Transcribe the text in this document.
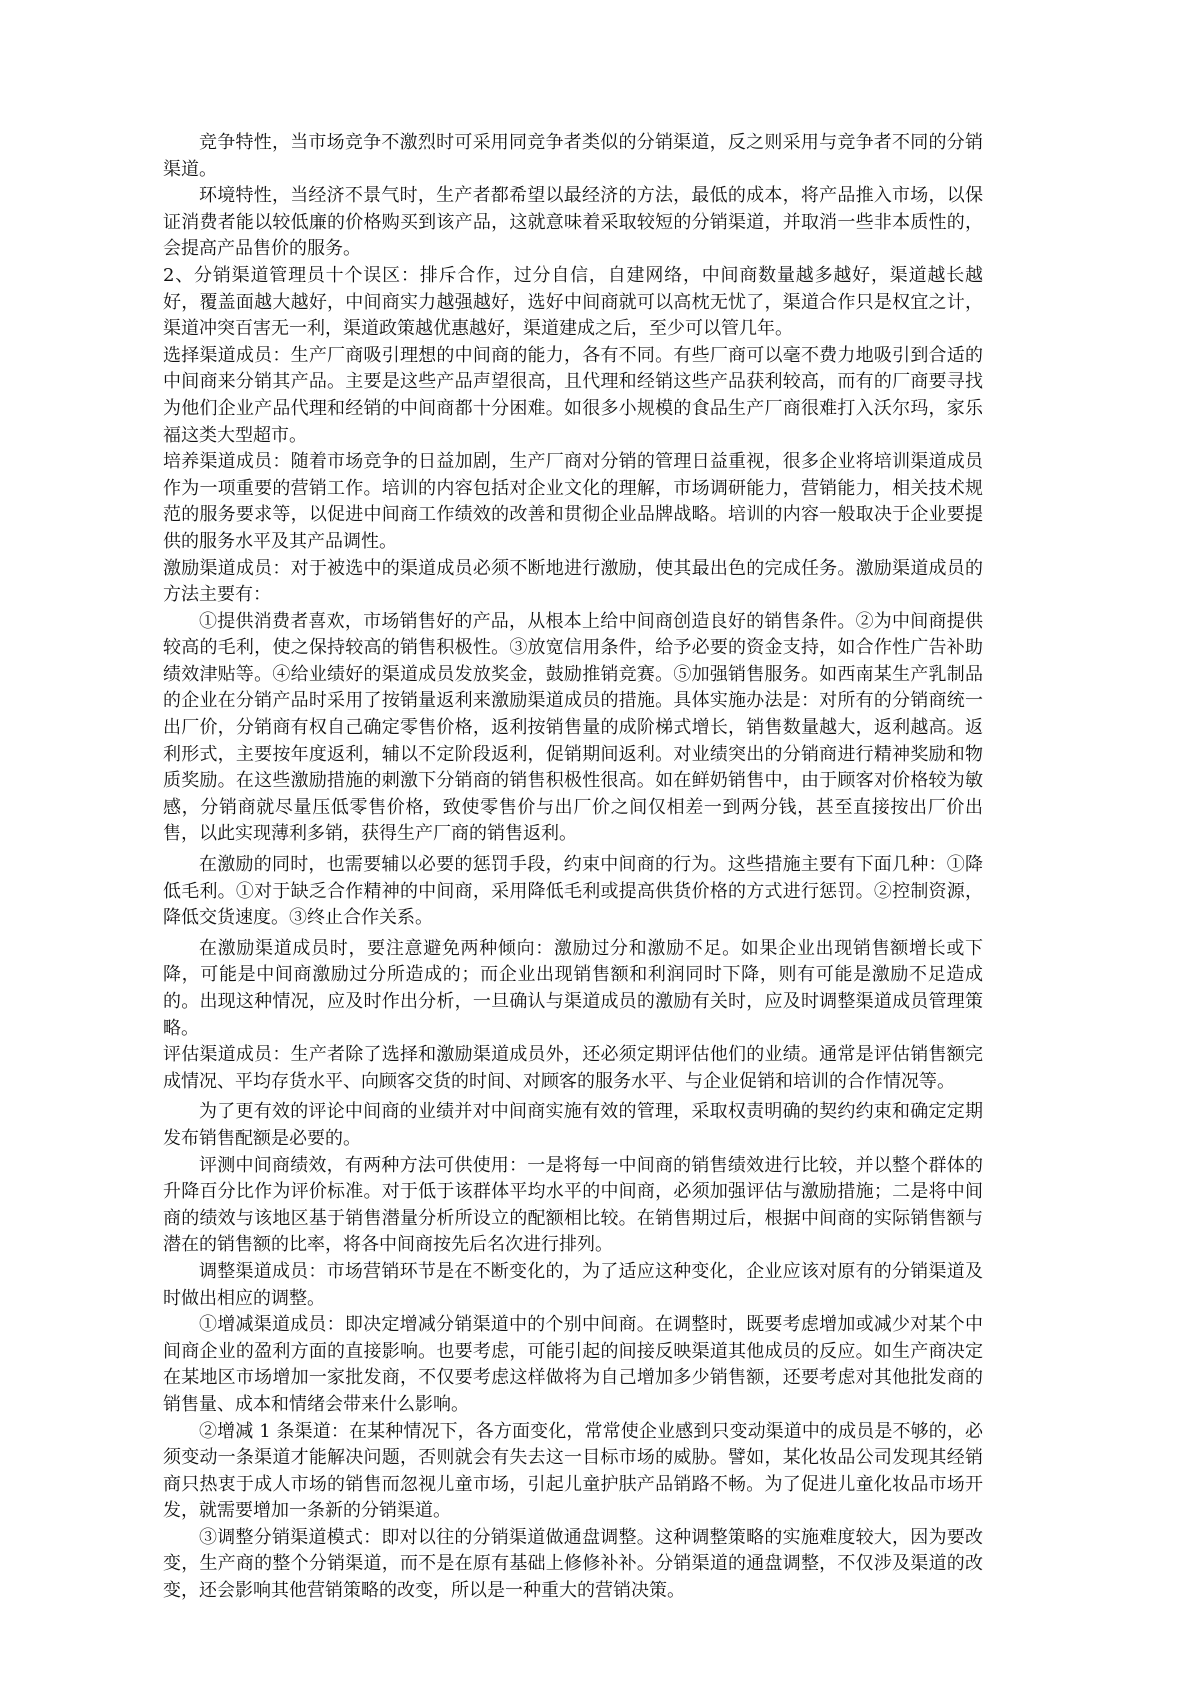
竞争特性，当市场竞争不激烈时可采用同竞争者类似的分销渠道，反之则采用与竞争者不同的分销渠道。

环境特性，当经济不景气时，生产者都希望以最经济的方法，最低的成本，将产品推入市场，以保证消费者能以较低廉的价格购买到该产品，这就意味着采取较短的分销渠道，并取消一些非本质性的，会提高产品售价的服务。

2、分销渠道管理员十个误区：排斥合作，过分自信，自建网络，中间商数量越多越好，渠道越长越好，覆盖面越大越好，中间商实力越强越好，选好中间商就可以高枕无忧了，渠道合作只是权宜之计，渠道冲突百害无一利，渠道政策越优惠越好，渠道建成之后，至少可以管几年。

选择渠道成员：生产厂商吸引理想的中间商的能力，各有不同。有些厂商可以毫不费力地吸引到合适的中间商来分销其产品。主要是这些产品声望很高，且代理和经销这些产品获利较高，而有的厂商要寻找为他们企业产品代理和经销的中间商都十分困难。如很多小规模的食品生产厂商很难打入沃尔玛，家乐福这类大型超市。

培养渠道成员：随着市场竞争的日益加剧，生产厂商对分销的管理日益重视，很多企业将培训渠道成员作为一项重要的营销工作。培训的内容包括对企业文化的理解，市场调研能力，营销能力，相关技术规范的服务要求等，以促进中间商工作绩效的改善和贯彻企业品牌战略。培训的内容一般取决于企业要提供的服务水平及其产品调性。

激励渠道成员：对于被选中的渠道成员必须不断地进行激励，使其最出色的完成任务。激励渠道成员的方法主要有：

①提供消费者喜欢，市场销售好的产品，从根本上给中间商创造良好的销售条件。②为中间商提供较高的毛利，使之保持较高的销售积极性。③放宽信用条件，给予必要的资金支持，如合作性广告补助绩效津贴等。④给业绩好的渠道成员发放奖金，鼓励推销竞赛。⑤加强销售服务。如西南某生产乳制品的企业在分销产品时采用了按销量返利来激励渠道成员的措施。具体实施办法是：对所有的分销商统一出厂价，分销商有权自己确定零售价格，返利按销售量的成阶梯式增长，销售数量越大，返利越高。返利形式，主要按年度返利，辅以不定阶段返利，促销期间返利。对业绩突出的分销商进行精神奖励和物质奖励。在这些激励措施的刺激下分销商的销售积极性很高。如在鲜奶销售中，由于顾客对价格较为敏感，分销商就尽量压低零售价格，致使零售价与出厂价之间仅相差一到两分钱，甚至直接按出厂价出售，以此实现薄利多销，获得生产厂商的销售返利。

在激励的同时，也需要辅以必要的惩罚手段，约束中间商的行为。这些措施主要有下面几种：①降低毛利。①对于缺乏合作精神的中间商，采用降低毛利或提高供货价格的方式进行惩罚。②控制资源，降低交货速度。③终止合作关系。

在激励渠道成员时，要注意避免两种倾向：激励过分和激励不足。如果企业出现销售额增长或下降，可能是中间商激励过分所造成的；而企业出现销售额和利润同时下降，则有可能是激励不足造成的。出现这种情况，应及时作出分析，一旦确认与渠道成员的激励有关时，应及时调整渠道成员管理策略。

评估渠道成员：生产者除了选择和激励渠道成员外，还必须定期评估他们的业绩。通常是评估销售额完成情况、平均存货水平、向顾客交货的时间、对顾客的服务水平、与企业促销和培训的合作情况等。

为了更有效的评论中间商的业绩并对中间商实施有效的管理，采取权责明确的契约约束和确定定期发布销售配额是必要的。

评测中间商绩效，有两种方法可供使用：一是将每一中间商的销售绩效进行比较，并以整个群体的升降百分比作为评价标准。对于低于该群体平均水平的中间商，必须加强评估与激励措施；二是将中间商的绩效与该地区基于销售潜量分析所设立的配额相比较。在销售期过后，根据中间商的实际销售额与潜在的销售额的比率，将各中间商按先后名次进行排列。

调整渠道成员：市场营销环节是在不断变化的，为了适应这种变化，企业应该对原有的分销渠道及时做出相应的调整。

①增减渠道成员：即决定增减分销渠道中的个别中间商。在调整时，既要考虑增加或减少对某个中间商企业的盈利方面的直接影响。也要考虑，可能引起的间接反映渠道其他成员的反应。如生产商决定在某地区市场增加一家批发商，不仅要考虑这样做将为自己增加多少销售额，还要考虑对其他批发商的销售量、成本和情绪会带来什么影响。

②增减 1 条渠道：在某种情况下，各方面变化，常常使企业感到只变动渠道中的成员是不够的，必须变动一条渠道才能解决问题，否则就会有失去这一目标市场的威胁。譬如，某化妆品公司发现其经销商只热衷于成人市场的销售而忽视儿童市场，引起儿童护肤产品销路不畅。为了促进儿童化妆品市场开发，就需要增加一条新的分销渠道。

③调整分销渠道模式：即对以往的分销渠道做通盘调整。这种调整策略的实施难度较大，因为要改变，生产商的整个分销渠道，而不是在原有基础上修修补补。分销渠道的通盘调整，不仅涉及渠道的改变，还会影响其他营销策略的改变，所以是一种重大的营销决策。
